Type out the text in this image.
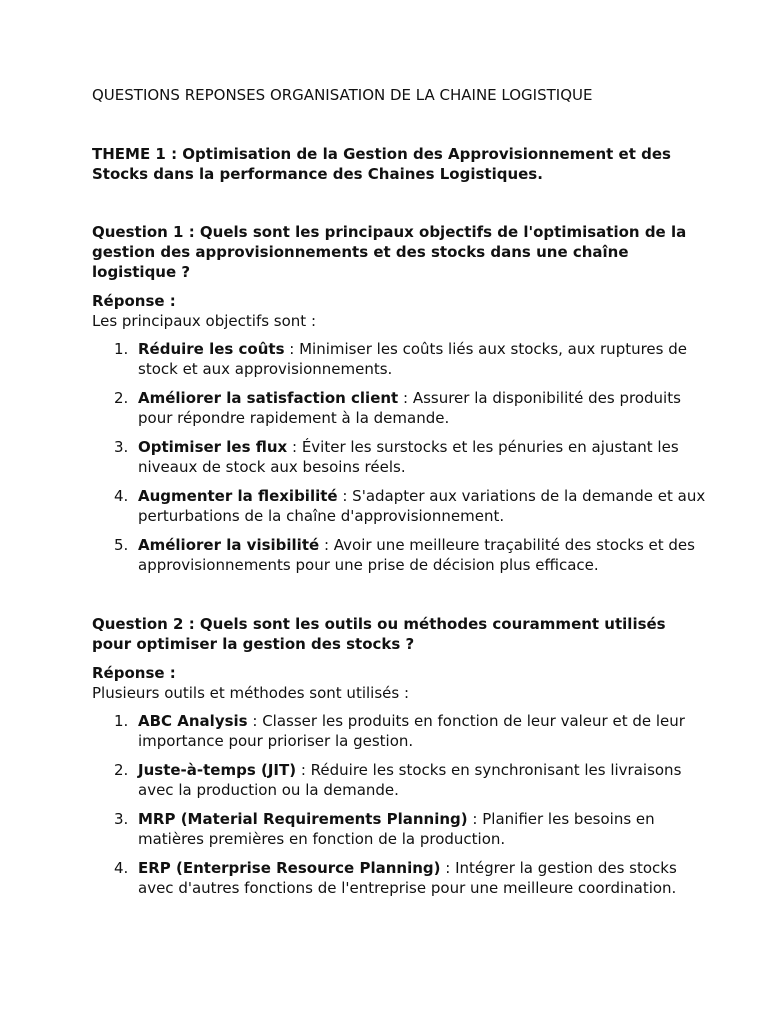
QUESTIONS REPONSES ORGANISATION DE LA CHAINE LOGISTIQUE

THEME 1 : Optimisation de la Gestion des Approvisionnement et des Stocks dans la performance des Chaines Logistiques.

Question 1 : Quels sont les principaux objectifs de l'optimisation de la gestion des approvisionnements et des stocks dans une chaîne logistique ?

Réponse :

Les principaux objectifs sont :

1. Réduire les coûts : Minimiser les coûts liés aux stocks, aux ruptures de stock et aux approvisionnements.
2. Améliorer la satisfaction client : Assurer la disponibilité des produits pour répondre rapidement à la demande.
3. Optimiser les flux : Éviter les surstocks et les pénuries en ajustant les niveaux de stock aux besoins réels.
4. Augmenter la flexibilité : S'adapter aux variations de la demande et aux perturbations de la chaîne d'approvisionnement.
5. Améliorer la visibilité : Avoir une meilleure traçabilité des stocks et des approvisionnements pour une prise de décision plus efficace.

Question 2 : Quels sont les outils ou méthodes couramment utilisés pour optimiser la gestion des stocks ?

Réponse :

Plusieurs outils et méthodes sont utilisés :

1. ABC Analysis : Classer les produits en fonction de leur valeur et de leur importance pour prioriser la gestion.
2. Juste-à-temps (JIT) : Réduire les stocks en synchronisant les livraisons avec la production ou la demande.
3. MRP (Material Requirements Planning) : Planifier les besoins en matières premières en fonction de la production.
4. ERP (Enterprise Resource Planning) : Intégrer la gestion des stocks avec d'autres fonctions de l'entreprise pour une meilleure coordination.
